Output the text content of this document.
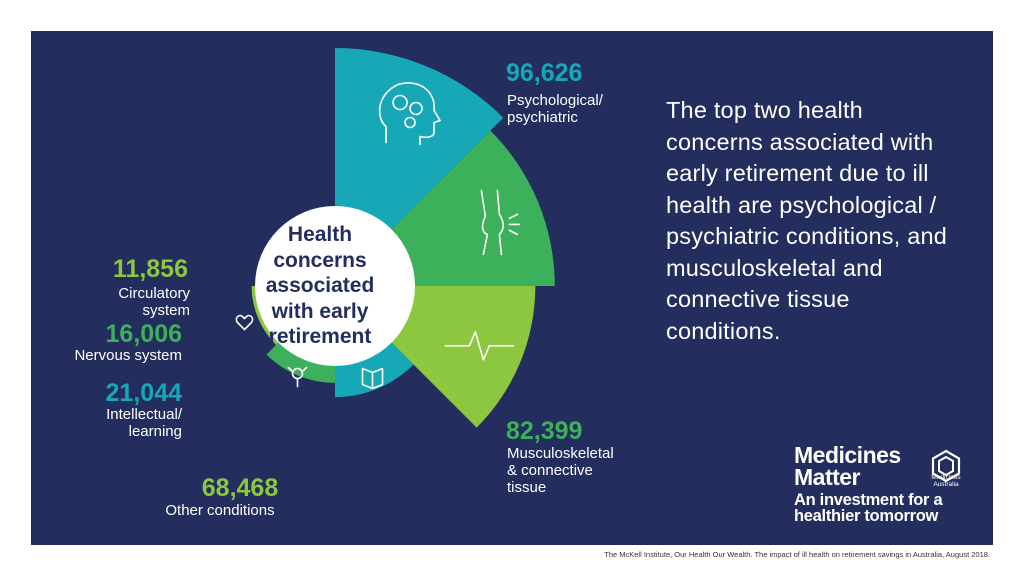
96,626
Psychological/
psychiatric
82,399
Musculoskeletal
& connective
tissue
68,468
Other conditions
21,044
Intellectual/
learning
16,006
Nervous system
11,856
Circulatory
system
Health concerns associated with early retirement
The top two health concerns associated with early retirement due to ill health are psychological / psychiatric conditions, and musculoskeletal and connective tissue conditions.
Medicines
Matter	Medicines
Australia
An investment for a
healthier tomorrow
The McKell Institute, Our Health Our Wealth. The impact of ill health on retirement savings in Australia, August 2018.
